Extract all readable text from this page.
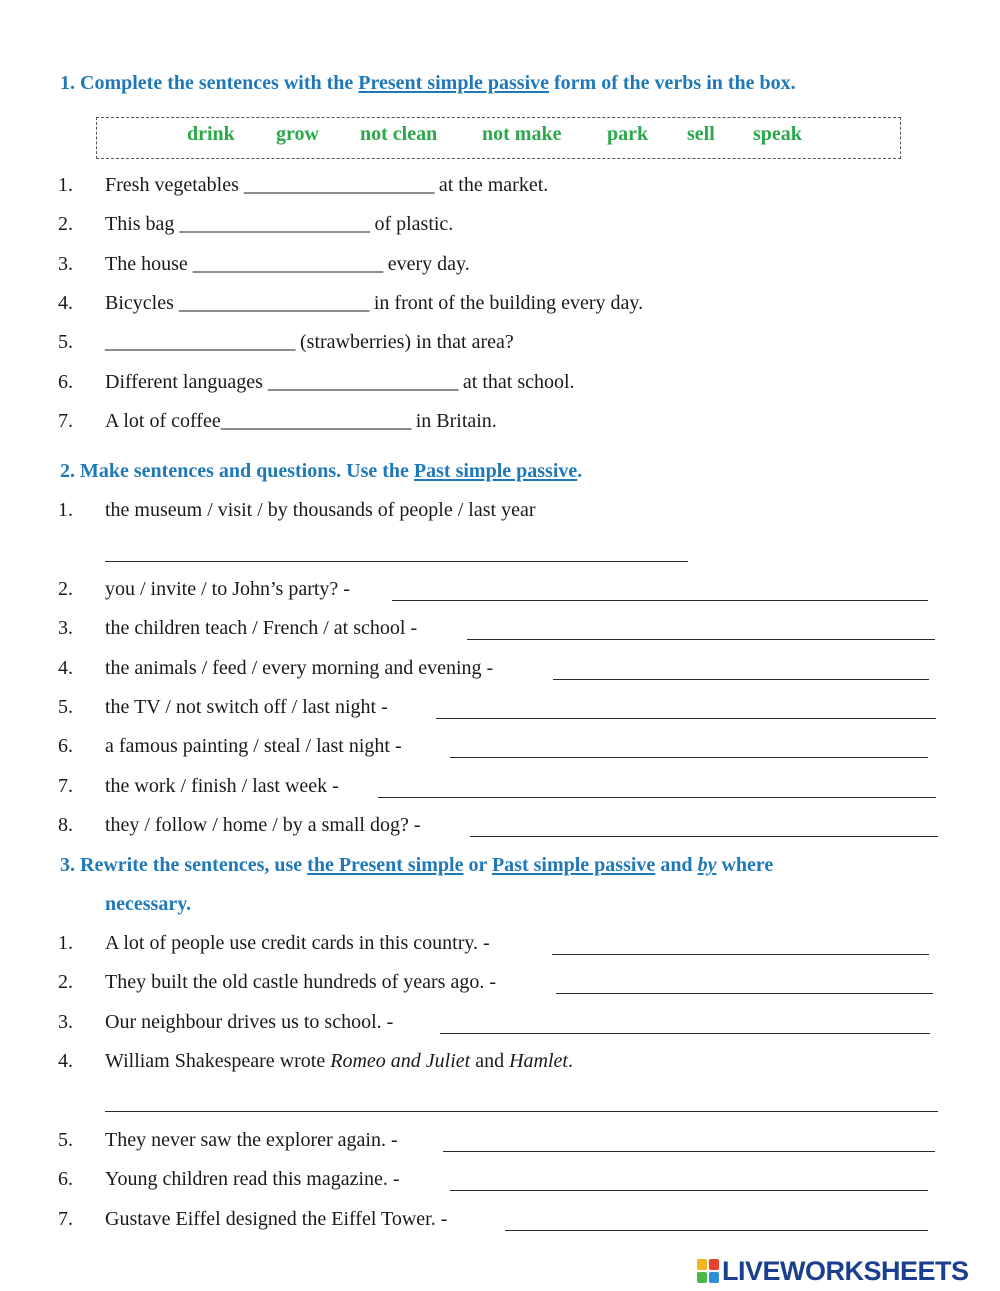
1. Complete the sentences with the Present simple passive form of the verbs in the box.
drink grow not clean not make park sell speak
1. Fresh vegetables ____________________ at the market.
2. This bag ____________________ of plastic.
3. The house ____________________ every day.
4. Bicycles ____________________ in front of the building every day.
5. ____________________ (strawberries) in that area?
6. Different languages ____________________ at that school.
7. A lot of coffee____________________ in Britain.
2. Make sentences and questions. Use the Past simple passive.
1. the museum / visit / by thousands of people / last year
2. you / invite / to John’s party? -
3. the children teach / French / at school -
4. the animals / feed / every morning and evening -
5. the TV / not switch off / last night -
6. a famous painting / steal / last night -
7. the work / finish / last week -
8. they / follow / home / by a small dog? -
3. Rewrite the sentences, use the Present simple or Past simple passive and by where
necessary.
1. A lot of people use credit cards in this country. -
2. They built the old castle hundreds of years ago. -
3. Our neighbour drives us to school. -
4. William Shakespeare wrote Romeo and Juliet and Hamlet.
5. They never saw the explorer again. -
6. Young children read this magazine. -
7. Gustave Eiffel designed the Eiffel Tower. -
LIVEWORKSHEETS
